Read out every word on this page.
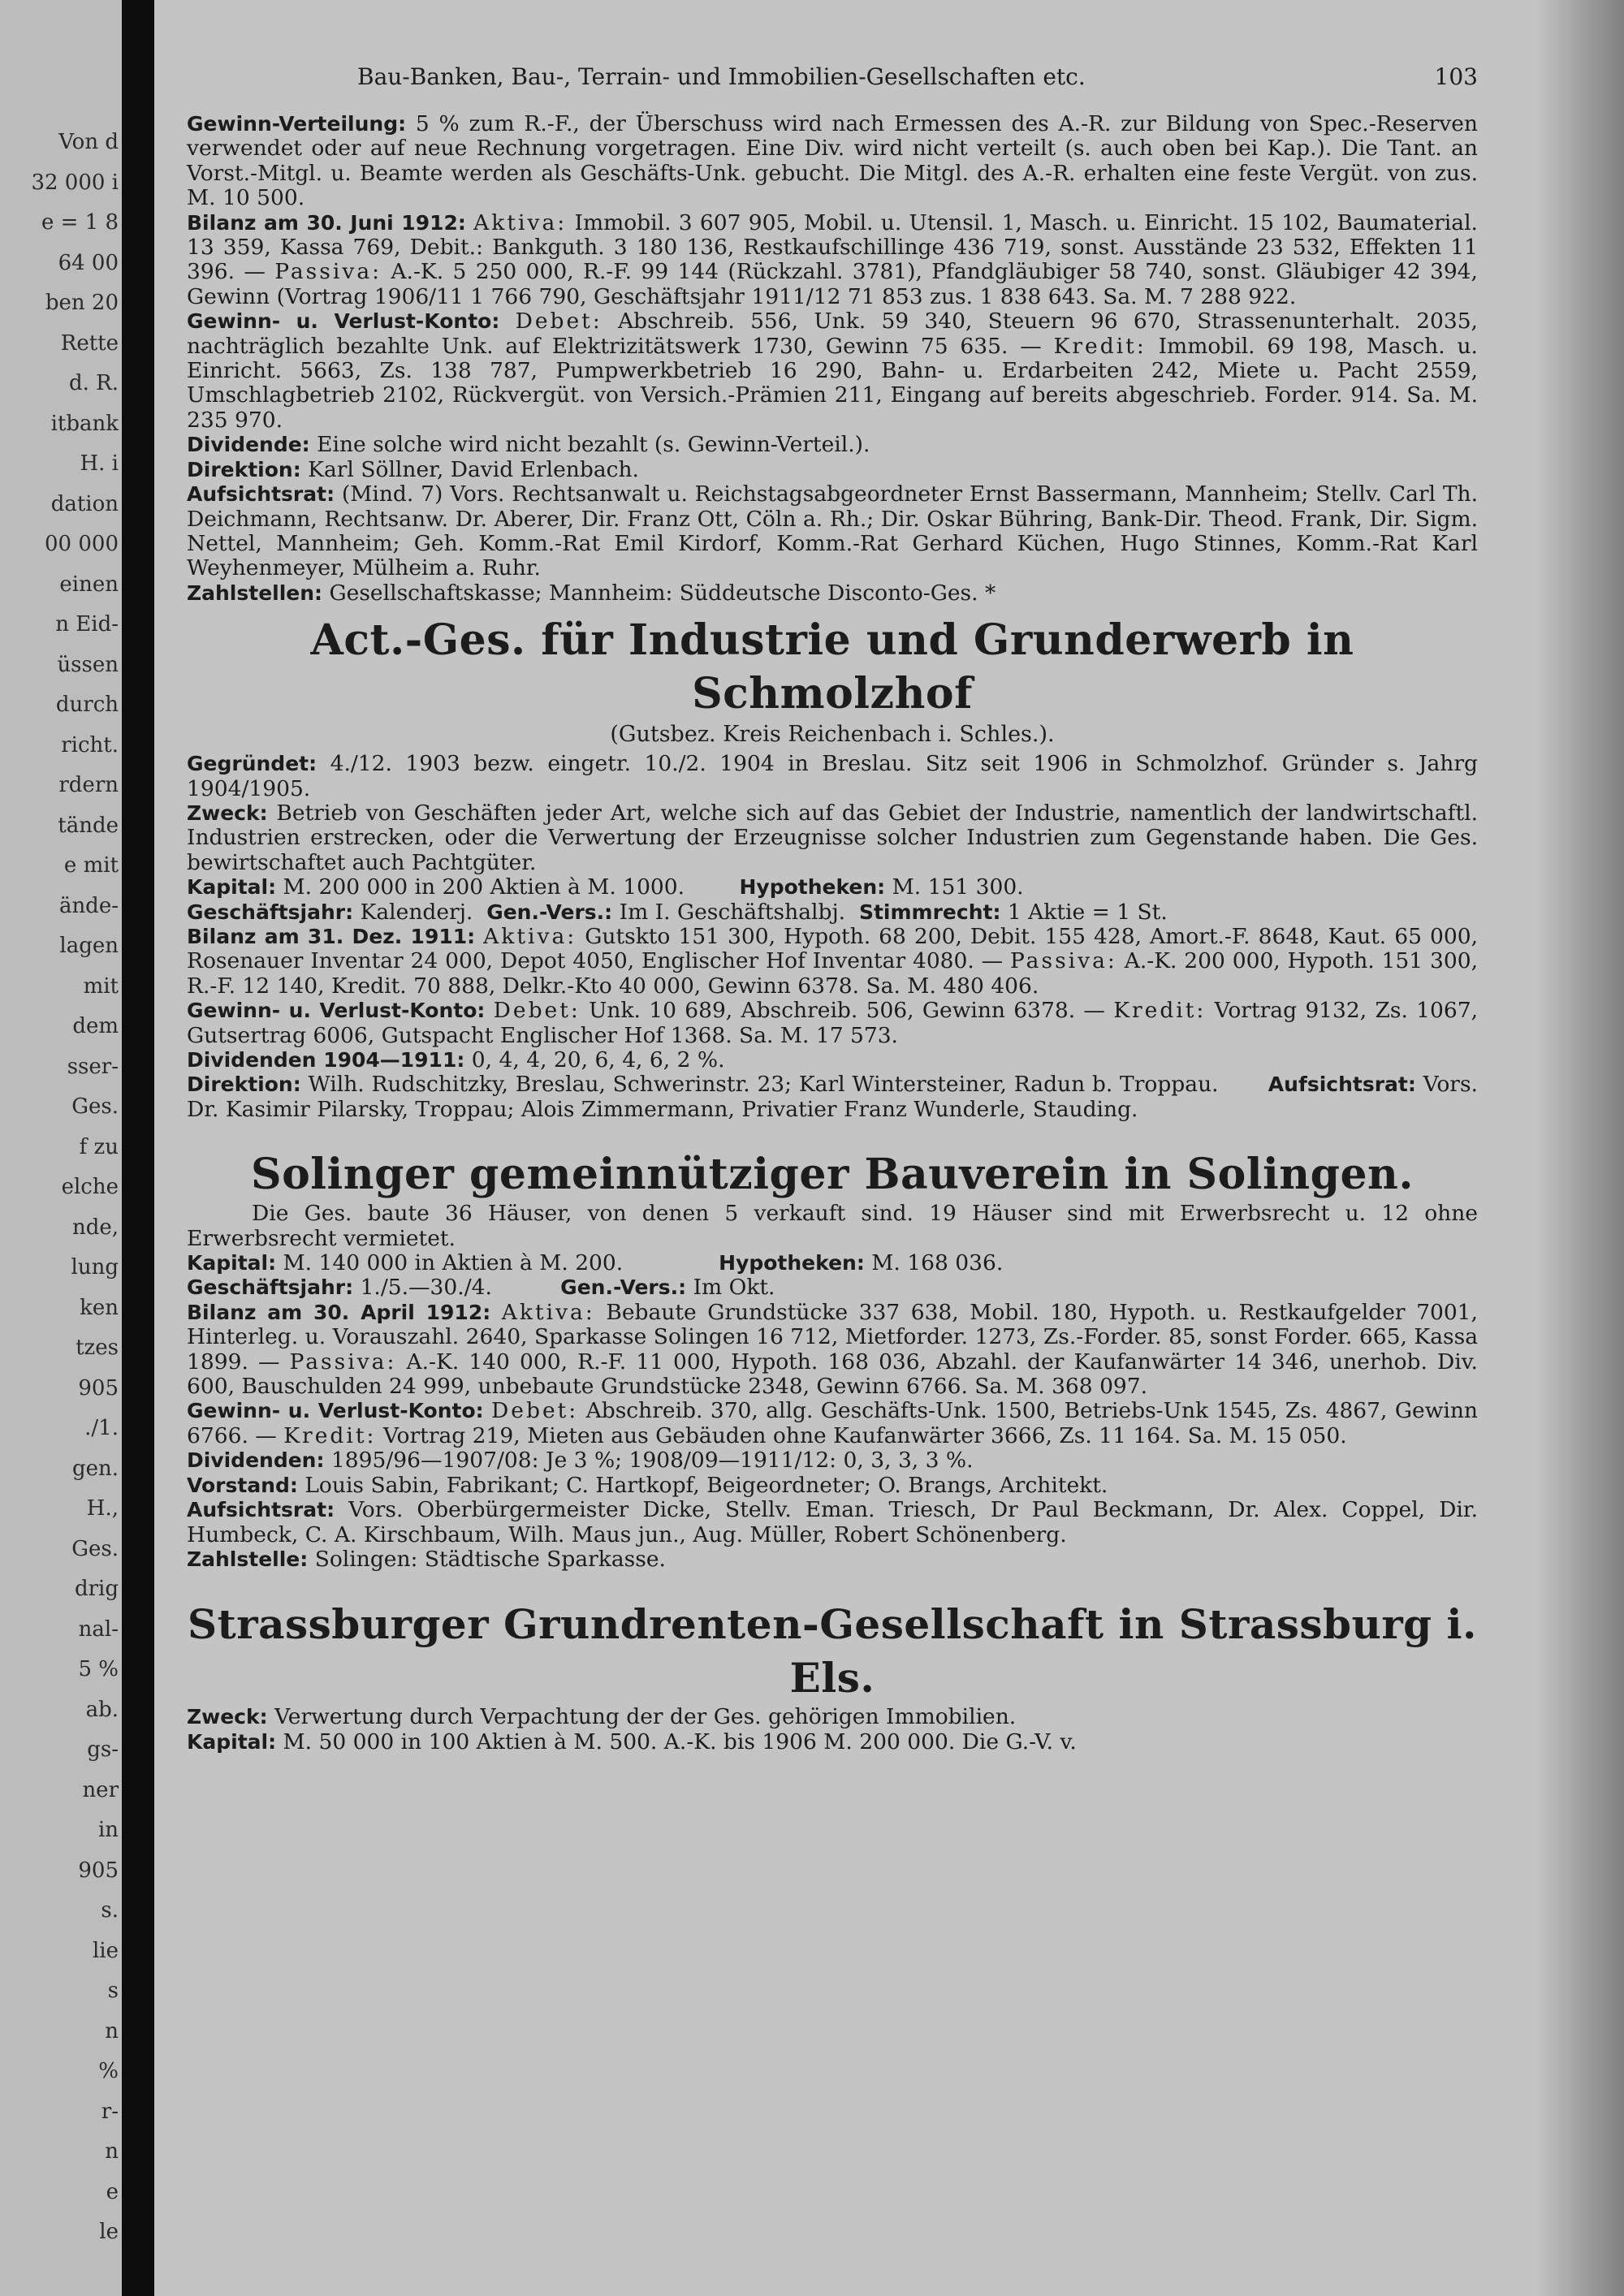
Von d
32 000 i
e = 1 8
64 00
ben 20
Rette
d. R.
itbank
H. i
dation
00 000
einen
n Eid-
üssen
durch
richt.
rdern
tände
e mit
ände-
lagen
mit
dem
sser-
Ges.
f zu
elche
nde,
lung
ken
tzes
905
./1.
gen.
H.,
Ges.
drig
nal-
5 %
ab.
gs-
ner
in
905
s.
lie
s
n
%
r-
n
e
le
Bau-Banken, Bau-, Terrain- und Immobilien-Gesellschaften etc.	103

Gewinn-Verteilung: 5 % zum R.-F., der Überschuss wird nach Ermessen des A.-R. zur Bildung von Spec.-Reserven verwendet oder auf neue Rechnung vorgetragen. Eine Div. wird nicht verteilt (s. auch oben bei Kap.). Die Tant. an Vorst.-Mitgl. u. Beamte werden als Geschäfts-Unk. gebucht. Die Mitgl. des A.-R. erhalten eine feste Vergüt. von zus. M. 10 500.

Bilanz am 30. Juni 1912: Aktiva: Immobil. 3 607 905, Mobil. u. Utensil. 1, Masch. u. Einricht. 15 102, Baumaterial. 13 359, Kassa 769, Debit.: Bankguth. 3 180 136, Restkaufschillinge 436 719, sonst. Ausstände 23 532, Effekten 11 396. — Passiva: A.-K. 5 250 000, R.-F. 99 144 (Rückzahl. 3781), Pfandgläubiger 58 740, sonst. Gläubiger 42 394, Gewinn (Vortrag 1906/11 1 766 790, Geschäftsjahr 1911/12 71 853 zus. 1 838 643. Sa. M. 7 288 922.

Gewinn- u. Verlust-Konto: Debet: Abschreib. 556, Unk. 59 340, Steuern 96 670, Strassenunterhalt. 2035, nachträglich bezahlte Unk. auf Elektrizitätswerk 1730, Gewinn 75 635. — Kredit: Immobil. 69 198, Masch. u. Einricht. 5663, Zs. 138 787, Pumpwerkbetrieb 16 290, Bahn- u. Erdarbeiten 242, Miete u. Pacht 2559, Umschlagbetrieb 2102, Rückvergüt. von Versich.-Prämien 211, Eingang auf bereits abgeschrieb. Forder. 914. Sa. M. 235 970.

Dividende: Eine solche wird nicht bezahlt (s. Gewinn-Verteil.).

Direktion: Karl Söllner, David Erlenbach.

Aufsichtsrat: (Mind. 7) Vors. Rechtsanwalt u. Reichstagsabgeordneter Ernst Bassermann, Mannheim; Stellv. Carl Th. Deichmann, Rechtsanw. Dr. Aberer, Dir. Franz Ott, Cöln a. Rh.; Dir. Oskar Bühring, Bank-Dir. Theod. Frank, Dir. Sigm. Nettel, Mannheim; Geh. Komm.-Rat Emil Kirdorf, Komm.-Rat Gerhard Küchen, Hugo Stinnes, Komm.-Rat Karl Weyhenmeyer, Mülheim a. Ruhr.

Zahlstellen: Gesellschaftskasse; Mannheim: Süddeutsche Disconto-Ges. *

Act.-Ges. für Industrie und Grunderwerb in Schmolzhof
(Gutsbez. Kreis Reichenbach i. Schles.).

Gegründet: 4./12. 1903 bezw. eingetr. 10./2. 1904 in Breslau. Sitz seit 1906 in Schmolzhof. Gründer s. Jahrg 1904/1905.

Zweck: Betrieb von Geschäften jeder Art, welche sich auf das Gebiet der Industrie, namentlich der landwirtschaftl. Industrien erstrecken, oder die Verwertung der Erzeugnisse solcher Industrien zum Gegenstande haben. Die Ges. bewirtschaftet auch Pachtgüter.

Kapital: M. 200 000 in 200 Aktien à M. 1000.	Hypotheken: M. 151 300.

Geschäftsjahr: Kalenderj. Gen.-Vers.: Im I. Geschäftshalbj. Stimmrecht: 1 Aktie = 1 St.

Bilanz am 31. Dez. 1911: Aktiva: Gutskto 151 300, Hypoth. 68 200, Debit. 155 428, Amort.-F. 8648, Kaut. 65 000, Rosenauer Inventar 24 000, Depot 4050, Englischer Hof Inventar 4080. — Passiva: A.-K. 200 000, Hypoth. 151 300, R.-F. 12 140, Kredit. 70 888, Delkr.-Kto 40 000, Gewinn 6378. Sa. M. 480 406.

Gewinn- u. Verlust-Konto: Debet: Unk. 10 689, Abschreib. 506, Gewinn 6378. — Kredit: Vortrag 9132, Zs. 1067, Gutsertrag 6006, Gutspacht Englischer Hof 1368. Sa. M. 17 573.

Dividenden 1904—1911: 0, 4, 4, 20, 6, 4, 6, 2 %.

Direktion: Wilh. Rudschitzky, Breslau, Schwerinstr. 23; Karl Wintersteiner, Radun b. Troppau. Aufsichtsrat: Vors. Dr. Kasimir Pilarsky, Troppau; Alois Zimmermann, Privatier Franz Wunderle, Stauding.

Solinger gemeinnütziger Bauverein in Solingen.

Die Ges. baute 36 Häuser, von denen 5 verkauft sind. 19 Häuser sind mit Erwerbsrecht u. 12 ohne Erwerbsrecht vermietet.

Kapital: M. 140 000 in Aktien à M. 200.	Hypotheken: M. 168 036.

Geschäftsjahr: 1./5.—30./4.	Gen.-Vers.: Im Okt.

Bilanz am 30. April 1912: Aktiva: Bebaute Grundstücke 337 638, Mobil. 180, Hypoth. u. Restkaufgelder 7001, Hinterleg. u. Vorauszahl. 2640, Sparkasse Solingen 16 712, Mietforder. 1273, Zs.-Forder. 85, sonst Forder. 665, Kassa 1899. — Passiva: A.-K. 140 000, R.-F. 11 000, Hypoth. 168 036, Abzahl. der Kaufanwärter 14 346, unerhob. Div. 600, Bauschulden 24 999, unbebaute Grundstücke 2348, Gewinn 6766. Sa. M. 368 097.

Gewinn- u. Verlust-Konto: Debet: Abschreib. 370, allg. Geschäfts-Unk. 1500, Betriebs-Unk 1545, Zs. 4867, Gewinn 6766. — Kredit: Vortrag 219, Mieten aus Gebäuden ohne Kaufanwärter 3666, Zs. 11 164. Sa. M. 15 050.

Dividenden: 1895/96—1907/08: Je 3 %; 1908/09—1911/12: 0, 3, 3, 3 %.

Vorstand: Louis Sabin, Fabrikant; C. Hartkopf, Beigeordneter; O. Brangs, Architekt.

Aufsichtsrat: Vors. Oberbürgermeister Dicke, Stellv. Eman. Triesch, Dr Paul Beckmann, Dr. Alex. Coppel, Dir. Humbeck, C. A. Kirschbaum, Wilh. Maus jun., Aug. Müller, Robert Schönenberg.

Zahlstelle: Solingen: Städtische Sparkasse.

Strassburger Grundrenten-Gesellschaft in Strassburg i. Els.

Zweck: Verwertung durch Verpachtung der der Ges. gehörigen Immobilien.

Kapital: M. 50 000 in 100 Aktien à M. 500. A.-K. bis 1906 M. 200 000. Die G.-V. v.
